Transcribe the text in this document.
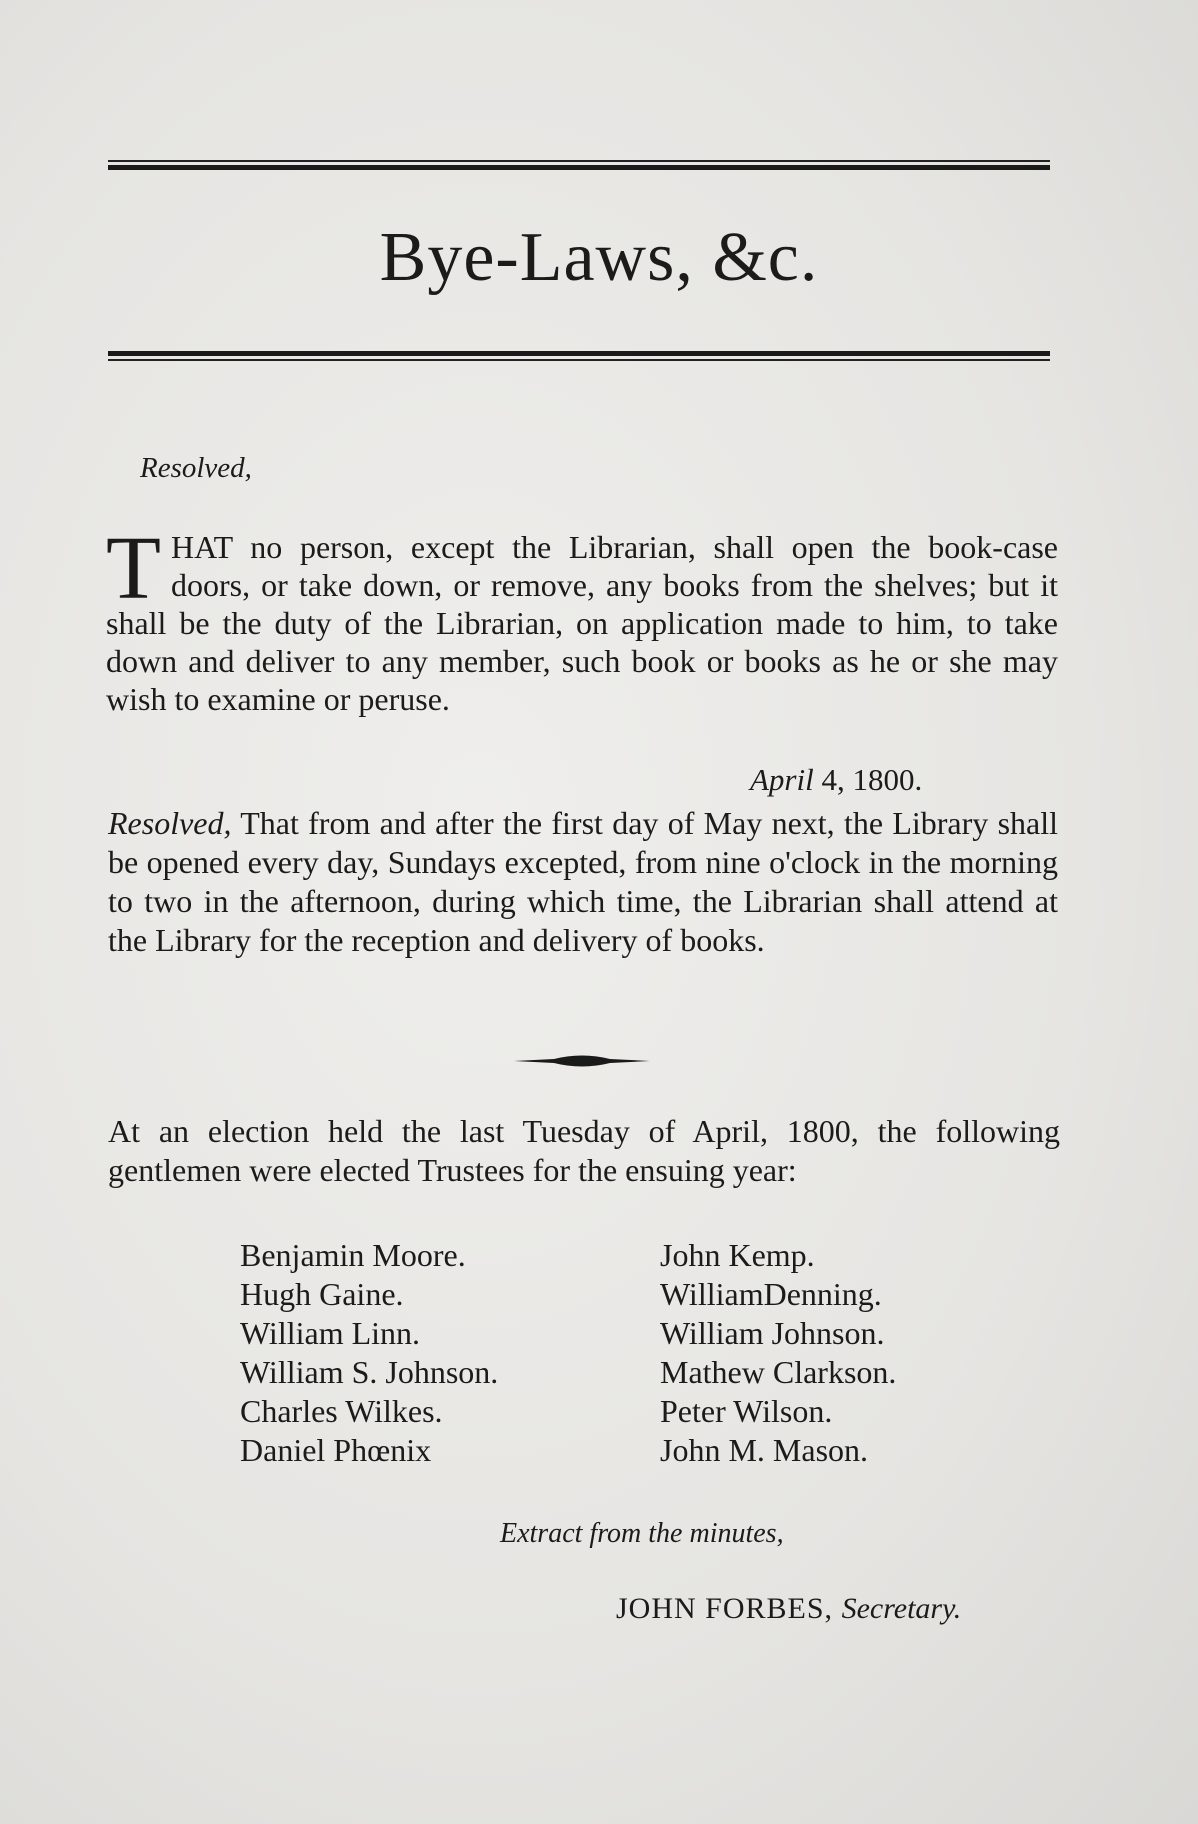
Bye-Laws, &c.
Resolved,
THAT no person, except the Librarian, shall open the book-case doors, or take down, or remove, any books from the shelves; but it shall be the duty of the Librarian, on application made to him, to take down and deliver to any member, such book or books as he or she may wish to examine or peruse.
April 4, 1800.
Resolved, That from and after the first day of May next, the Library shall be opened every day, Sundays excepted, from nine o'clock in the morning to two in the afternoon, during which time, the Librarian shall attend at the Library for the reception and delivery of books.
At an election held the last Tuesday of April, 1800, the following gentlemen were elected Trustees for the ensuing year:
Benjamin Moore.
Hugh Gaine.
William Linn.
William S. Johnson.
Charles Wilkes.
Daniel Phœnix
John Kemp.
WilliamDenning.
William Johnson.
Mathew Clarkson.
Peter Wilson.
John M. Mason.
Extract from the minutes,
JOHN FORBES, Secretary.
